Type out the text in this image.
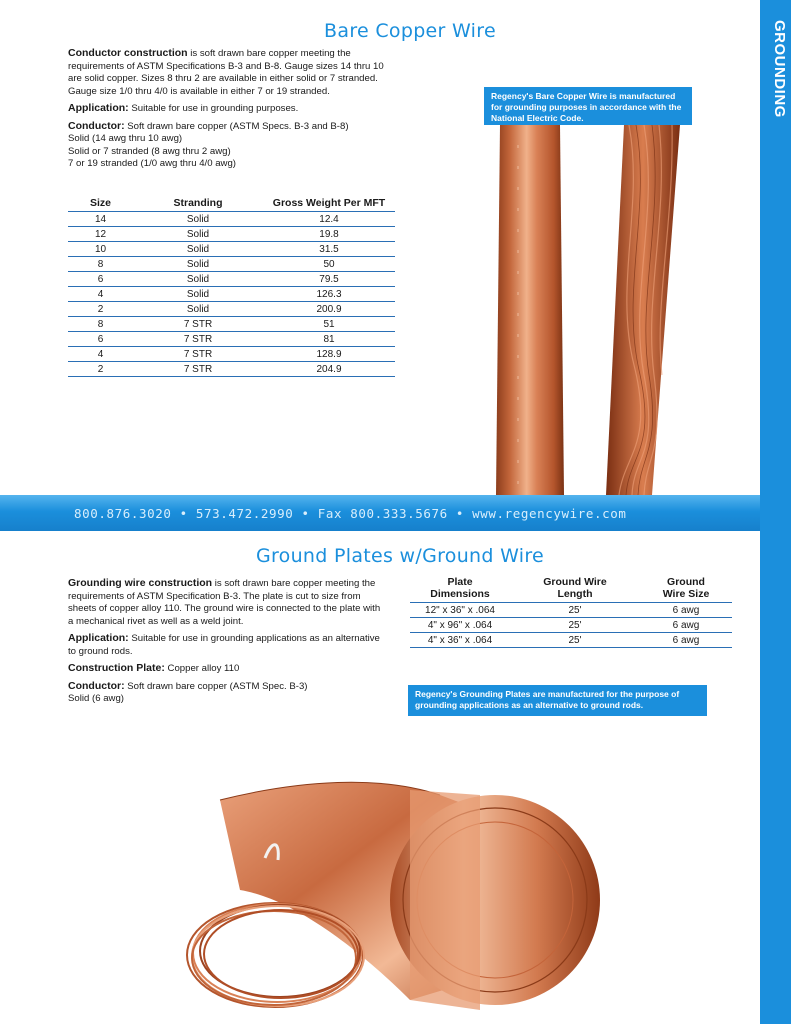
GROUNDING
Bare Copper Wire

Conductor construction is soft drawn bare copper meeting the requirements of ASTM Specifications B-3 and B-8. Gauge sizes 14 thru 10 are solid copper. Sizes 8 thru 2 are available in either solid or 7 stranded. Gauge size 1/0 thru 4/0 is available in either 7 or 19 stranded.

Application: Suitable for use in grounding purposes.

Conductor: Soft drawn bare copper (ASTM Specs. B-3 and B-8)

Solid (14 awg thru 10 awg)
Solid or 7 stranded (8 awg thru 2 awg)
7 or 19 stranded (1/0 awg thru 4/0 awg)
Size	Stranding	Gross Weight Per MFT
14	Solid	12.4
12	Solid	19.8
10	Solid	31.5
8	Solid	50
6	Solid	79.5
4	Solid	126.3
2	Solid	200.9
8	7 STR	51
6	7 STR	81
4	7 STR	128.9
2	7 STR	204.9
Regency's Bare Copper Wire is manufactured for grounding purposes in accordance with the National Electric Code.
800.876.3020 • 573.472.2990 • Fax 800.333.5676 • www.regencywire.com
Ground Plates w/Ground Wire

Grounding wire construction is soft drawn bare copper meeting the requirements of ASTM Specification B-3. The plate is cut to size from sheets of copper alloy 110. The ground wire is connected to the plate with a mechanical rivet as well as a weld joint.

Application: Suitable for use in grounding applications as an alternative to ground rods.

Construction Plate: Copper alloy 110

Conductor: Soft drawn bare copper (ASTM Spec. B-3)

Solid (6 awg)
Plate Dimensions	Ground Wire Length	Ground Wire Size
12" x 36" x .064	25'	6 awg
4" x 96" x .064	25'	6 awg
4" x 36" x .064	25'	6 awg
Regency's Grounding Plates are manufactured for the purpose of grounding applications as an alternative to ground rods.
